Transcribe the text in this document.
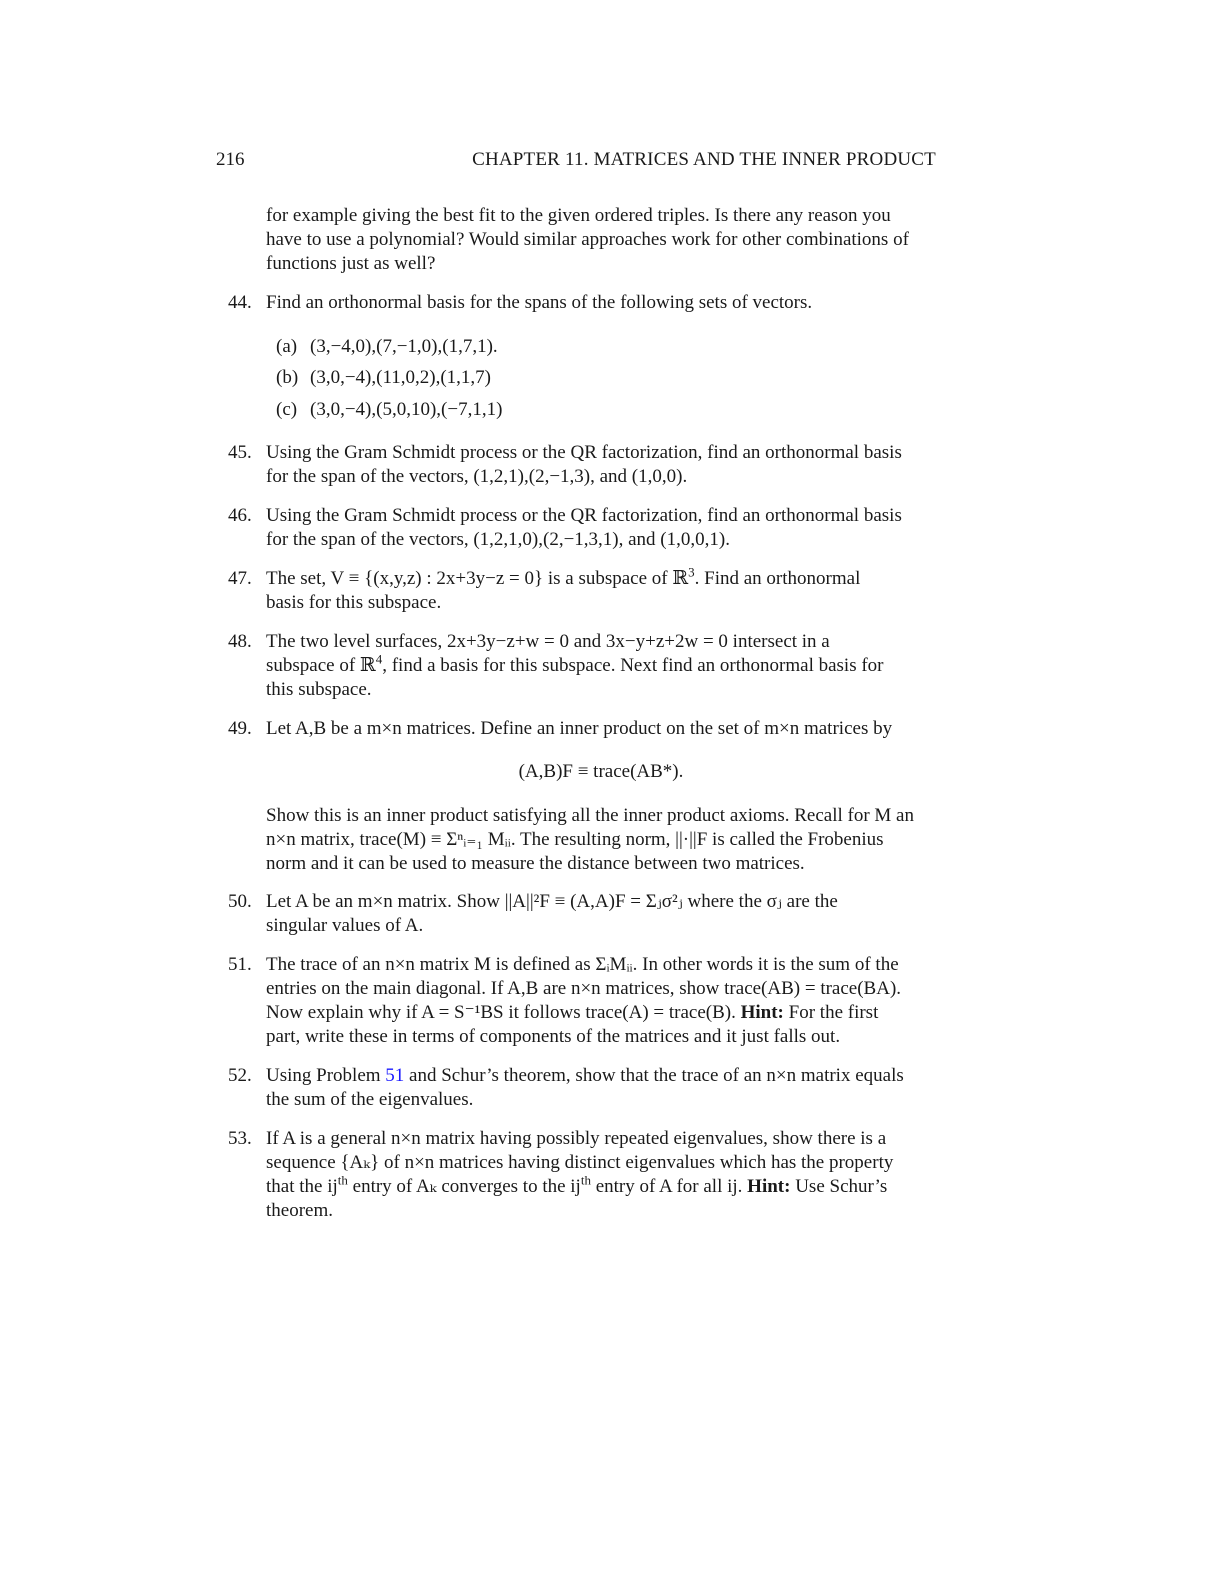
216	CHAPTER 11. MATRICES AND THE INNER PRODUCT
for example giving the best fit to the given ordered triples. Is there any reason you
have to use a polynomial? Would similar approaches work for other combinations of
functions just as well?
44. Find an orthonormal basis for the spans of the following sets of vectors.
(a) (3,−4,0),(7,−1,0),(1,7,1).
(b) (3,0,−4),(11,0,2),(1,1,7)
(c) (3,0,−4),(5,0,10),(−7,1,1)
45. Using the Gram Schmidt process or the QR factorization, find an orthonormal basis
for the span of the vectors, (1,2,1),(2,−1,3), and (1,0,0).
46. Using the Gram Schmidt process or the QR factorization, find an orthonormal basis
for the span of the vectors, (1,2,1,0),(2,−1,3,1), and (1,0,0,1).
47. The set, V ≡ {(x,y,z) : 2x+3y−z = 0} is a subspace of ℝ$^3$. Find an orthonormal
basis for this subspace.
48. The two level surfaces, 2x+3y−z+w = 0 and 3x−y+z+2w = 0 intersect in a
subspace of ℝ$^4$, find a basis for this subspace. Next find an orthonormal basis for
this subspace.
49. Let A,B be a m×n matrices. Define an inner product on the set of m×n matrices by
(A,B)F ≡ trace(AB*).
Show this is an inner product satisfying all the inner product axioms. Recall for M an
n×n matrix, trace(M) ≡ Σⁿᵢ₌₁ Mᵢᵢ. The resulting norm, ||·||F is called the Frobenius
norm and it can be used to measure the distance between two matrices.
50. Let A be an m×n matrix. Show ||A||²F ≡ (A,A)F = Σⱼσ²ⱼ where the σⱼ are the
singular values of A.
51. The trace of an n×n matrix M is defined as ΣᵢMᵢᵢ. In other words it is the sum of the
entries on the main diagonal. If A,B are n×n matrices, show trace(AB) = trace(BA).
Now explain why if A = S⁻¹BS it follows trace(A) = trace(B). Hint: For the first
part, write these in terms of components of the matrices and it just falls out.
52. Using Problem 51 and Schur’s theorem, show that the trace of an n×n matrix equals
the sum of the eigenvalues.
53. If A is a general n×n matrix having possibly repeated eigenvalues, show there is a
sequence {Aₖ} of n×n matrices having distinct eigenvalues which has the property
that the $ij^{th}$ entry of Aₖ converges to the $ij^{th}$ entry of A for all ij. Hint: Use Schur’s
theorem.
